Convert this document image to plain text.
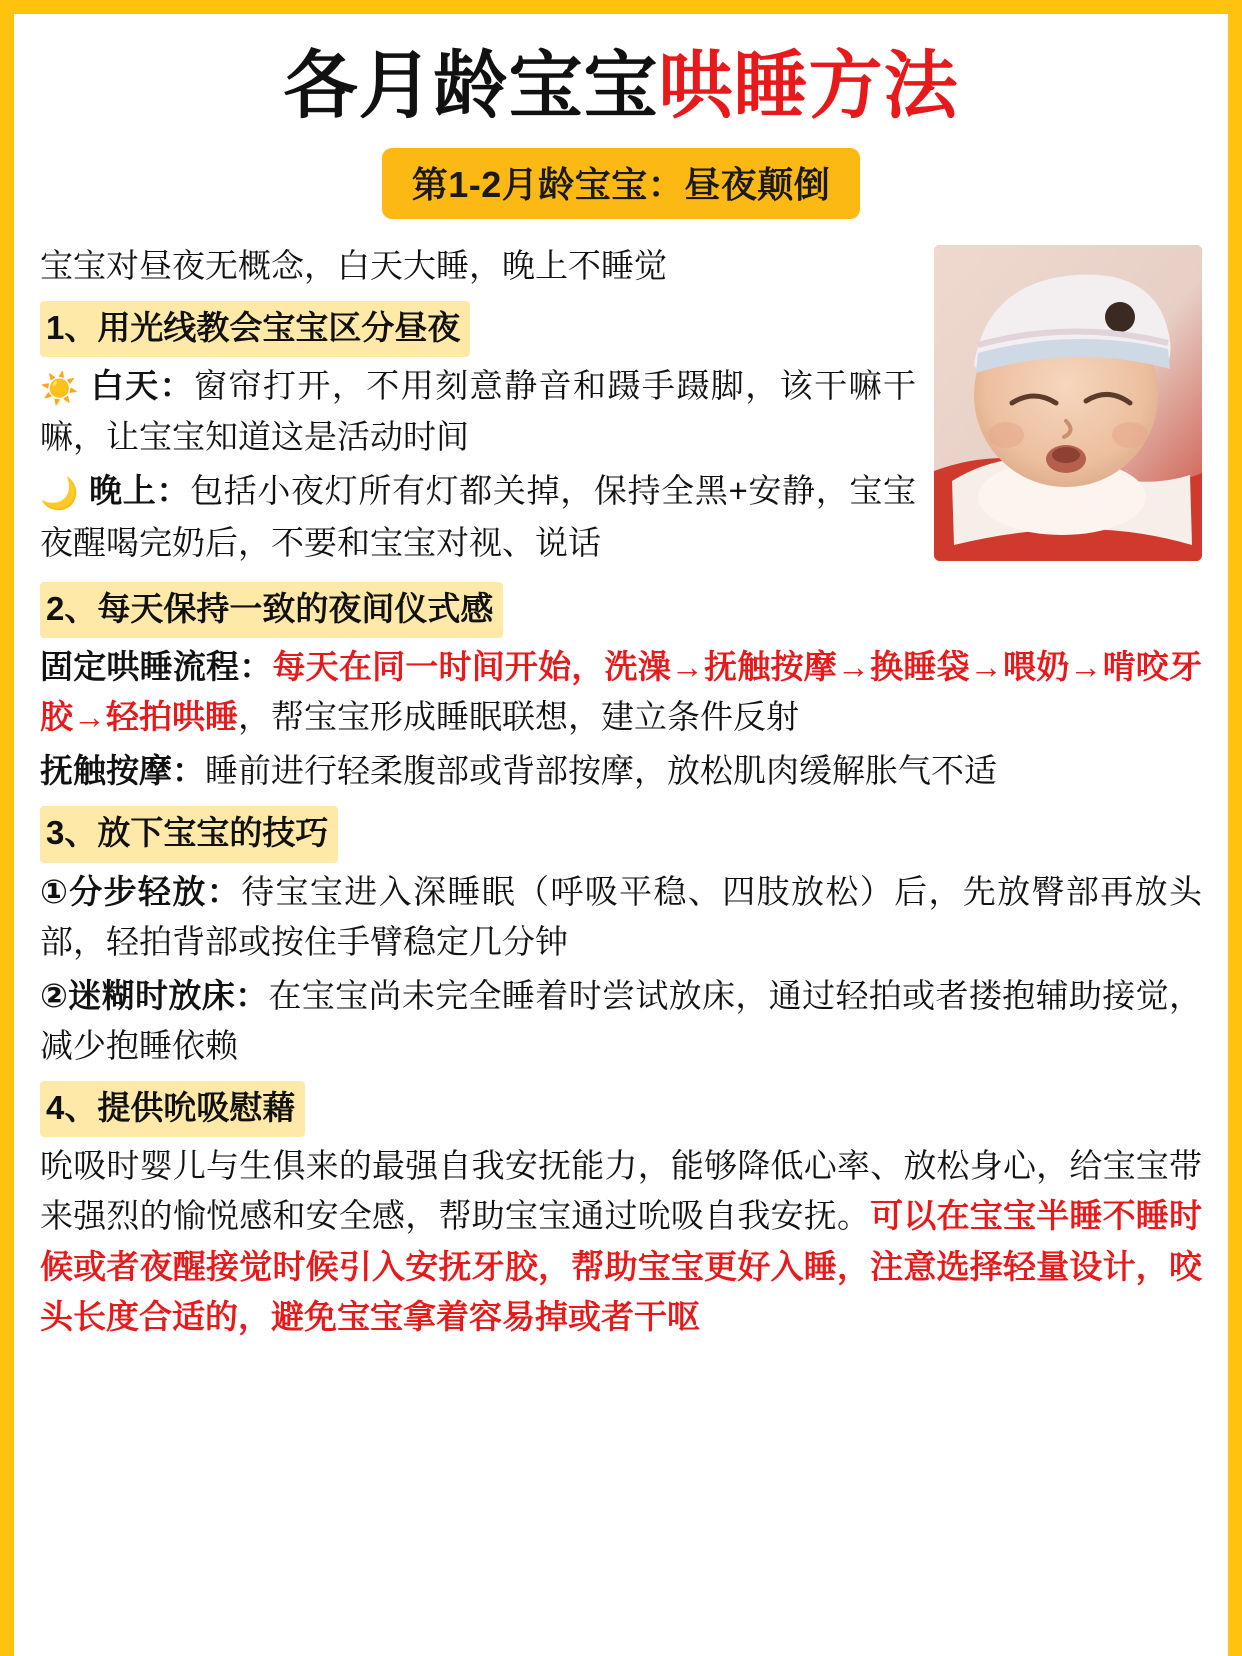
各月龄宝宝哄睡方法
第1-2月龄宝宝：昼夜颠倒

宝宝对昼夜无概念，白天大睡，晚上不睡觉

1、用光线教会宝宝区分昼夜

☀️ 白天：窗帘打开，不用刻意静音和蹑手蹑脚，该干嘛干嘛，让宝宝知道这是活动时间

🌙 晚上：包括小夜灯所有灯都关掉，保持全黑+安静，宝宝夜醒喝完奶后，不要和宝宝对视、说话

2、每天保持一致的夜间仪式感

固定哄睡流程：每天在同一时间开始，洗澡→抚触按摩→换睡袋→喂奶→啃咬牙胶→轻拍哄睡，帮宝宝形成睡眠联想，建立条件反射

抚触按摩：睡前进行轻柔腹部或背部按摩，放松肌肉缓解胀气不适

3、放下宝宝的技巧

①分步轻放：待宝宝进入深睡眠（呼吸平稳、四肢放松）后，先放臀部再放头部，轻拍背部或按住手臂稳定几分钟

②迷糊时放床：在宝宝尚未完全睡着时尝试放床，通过轻拍或者搂抱辅助接觉，减少抱睡依赖

4、提供吮吸慰藉

吮吸时婴儿与生俱来的最强自我安抚能力，能够降低心率、放松身心，给宝宝带来强烈的愉悦感和安全感，帮助宝宝通过吮吸自我安抚。可以在宝宝半睡不睡时候或者夜醒接觉时候引入安抚牙胶，帮助宝宝更好入睡，注意选择轻量设计，咬头长度合适的，避免宝宝拿着容易掉或者干呕
